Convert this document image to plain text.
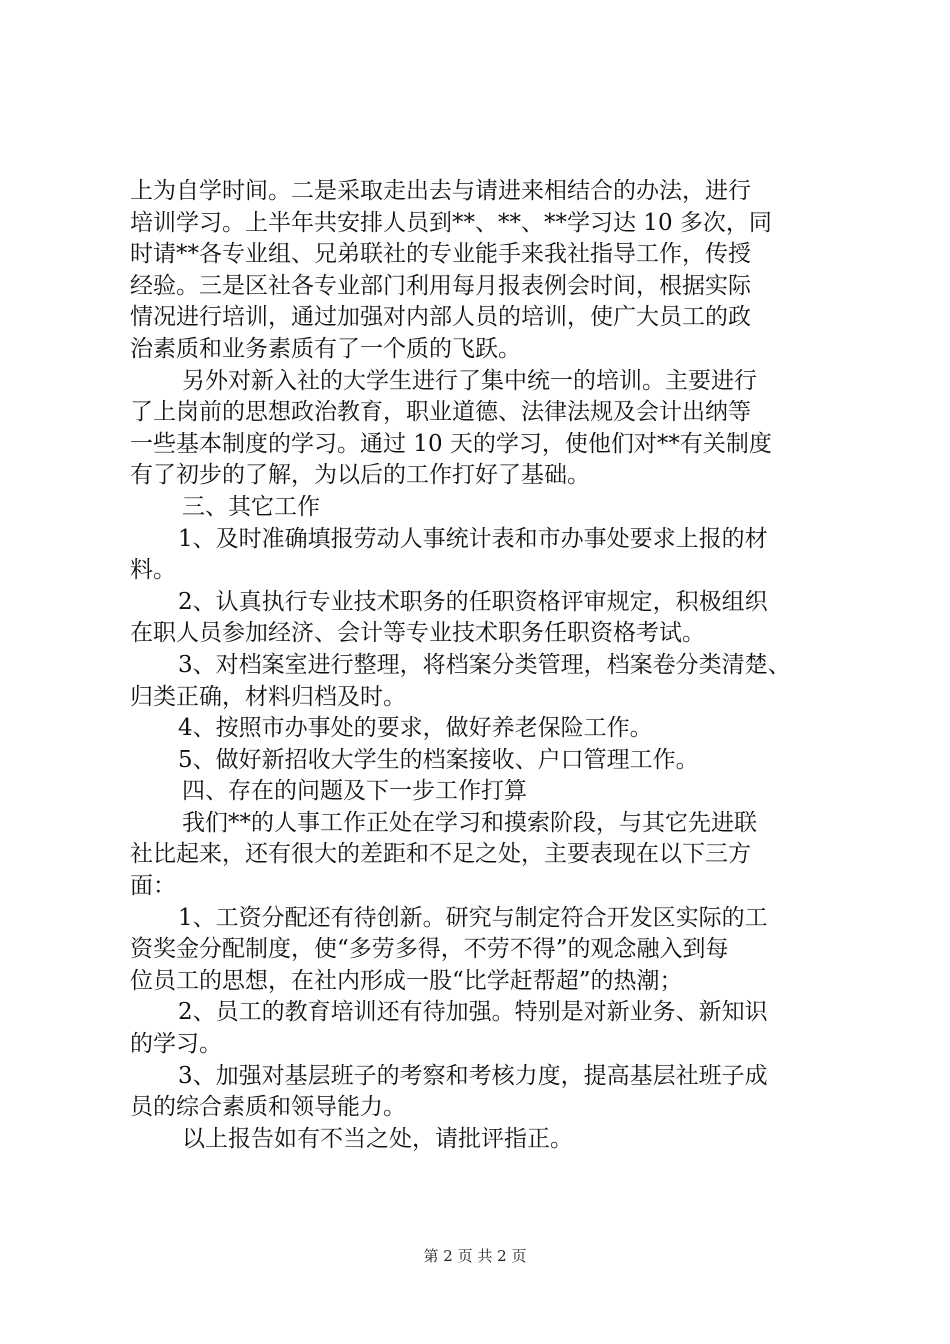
上为自学时间。二是采取走出去与请进来相结合的办法，进行
培训学习。上半年共安排人员到**、**、**学习达 10 多次，同
时请**各专业组、兄弟联社的专业能手来我社指导工作，传授
经验。三是区社各专业部门利用每月报表例会时间，根据实际
情况进行培训，通过加强对内部人员的培训，使广大员工的政
治素质和业务素质有了一个质的飞跃。
另外对新入社的大学生进行了集中统一的培训。主要进行
了上岗前的思想政治教育，职业道德、法律法规及会计出纳等
一些基本制度的学习。通过 10 天的学习，使他们对**有关制度
有了初步的了解，为以后的工作打好了基础。
三、其它工作
1、及时准确填报劳动人事统计表和市办事处要求上报的材
料。
2、认真执行专业技术职务的任职资格评审规定，积极组织
在职人员参加经济、会计等专业技术职务任职资格考试。
3、对档案室进行整理，将档案分类管理，档案卷分类清楚、
归类正确，材料归档及时。
4、按照市办事处的要求，做好养老保险工作。
5、做好新招收大学生的档案接收、户口管理工作。
四、存在的问题及下一步工作打算
我们**的人事工作正处在学习和摸索阶段，与其它先进联
社比起来，还有很大的差距和不足之处，主要表现在以下三方
面：
1、工资分配还有待创新。研究与制定符合开发区实际的工
资奖金分配制度，使“多劳多得，不劳不得”的观念融入到每
位员工的思想，在社内形成一股“比学赶帮超”的热潮；
2、员工的教育培训还有待加强。特别是对新业务、新知识
的学习。
3、加强对基层班子的考察和考核力度，提高基层社班子成
员的综合素质和领导能力。
以上报告如有不当之处，请批评指正。
第 2 页 共 2 页
